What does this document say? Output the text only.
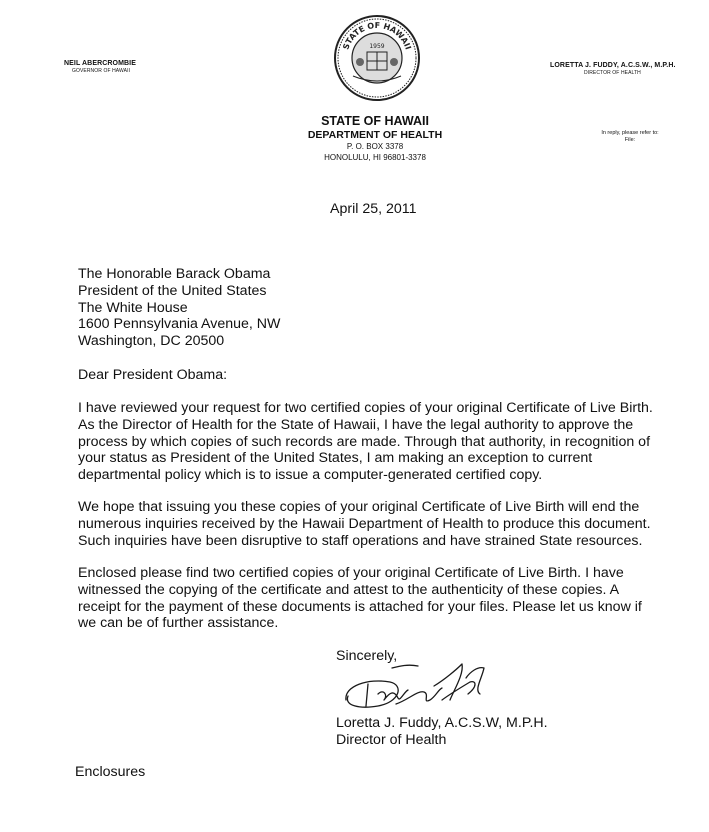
NEIL ABERCROMBIE
GOVERNOR OF HAWAII
LORETTA J. FUDDY, A.C.S.W., M.P.H.
DIRECTOR OF HEALTH
STATE OF HAWAII
1959
STATE OF HAWAII
DEPARTMENT OF HEALTH
P. O. BOX 3378
HONOLULU, HI 96801-3378
In reply, please refer to:
File:
April 25, 2011
The Honorable Barack Obama
President of the United States
The White House
1600 Pennsylvania Avenue, NW
Washington, DC 20500
Dear President Obama:
I have reviewed your request for two certified copies of your original Certificate of Live Birth.
As the Director of Health for the State of Hawaii, I have the legal authority to approve the
process by which copies of such records are made. Through that authority, in recognition of
your status as President of the United States, I am making an exception to current
departmental policy which is to issue a computer-generated certified copy.
We hope that issuing you these copies of your original Certificate of Live Birth will end the
numerous inquiries received by the Hawaii Department of Health to produce this document.
Such inquiries have been disruptive to staff operations and have strained State resources.
Enclosed please find two certified copies of your original Certificate of Live Birth. I have
witnessed the copying of the certificate and attest to the authenticity of these copies. A
receipt for the payment of these documents is attached for your files. Please let us know if
we can be of further assistance.
Sincerely,
Loretta J. Fuddy, A.C.S.W, M.P.H.
Director of Health
Enclosures
